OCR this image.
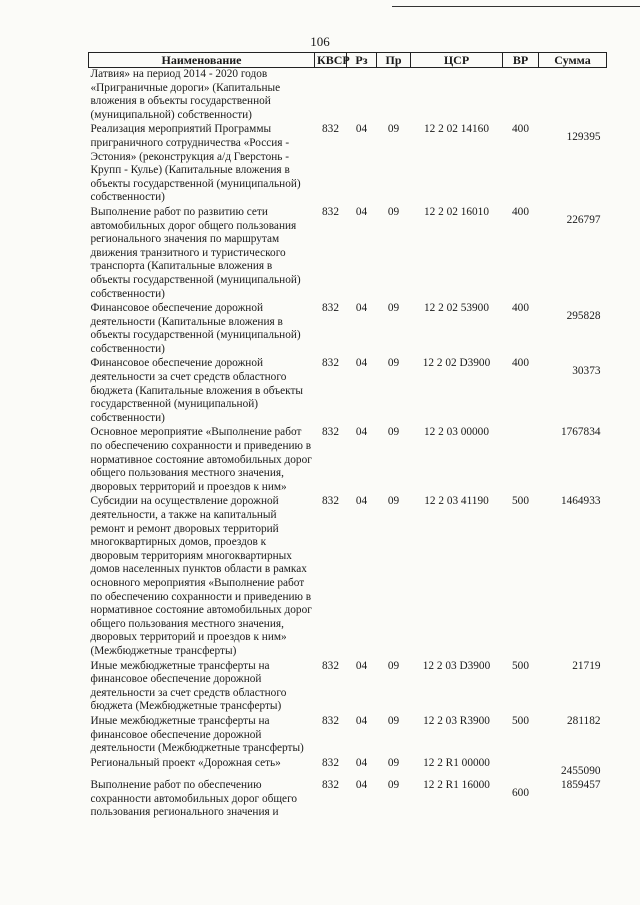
106
Наименование	КВСР	Рз	Пр	ЦСР	ВР	Сумма
Латвия» на период 2014 - 2020 годов «Приграничные дороги» (Капитальные вложения в объекты государственной (муниципальной) собственности)						
Реализация мероприятий Программы приграничного сотрудничества «Россия - Эстония» (реконструкция а/д Гверстонь - Крупп - Кулье) (Капитальные вложения в объекты государственной (муниципальной) собственности)	832	04	09	12 2 02 14160	400	129395
Выполнение работ по развитию сети автомобильных дорог общего пользования регионального значения по маршрутам движения транзитного и туристического транспорта (Капитальные вложения в объекты государственной (муниципальной) собственности)	832	04	09	12 2 02 16010	400	226797
Финансовое обеспечение дорожной деятельности (Капитальные вложения в объекты государственной (муниципальной) собственности)	832	04	09	12 2 02 53900	400	295828
Финансовое обеспечение дорожной деятельности за счет средств областного бюджета (Капитальные вложения в объекты государственной (муниципальной) собственности)	832	04	09	12 2 02 D3900	400	30373
Основное мероприятие «Выполнение работ по обеспечению сохранности и приведению в нормативное состояние автомобильных дорог общего пользования местного значения, дворовых территорий и проездов к ним»	832	04	09	12 2 03 00000		1767834
Субсидии на осуществление дорожной деятельности, а также на капитальный ремонт и ремонт дворовых территорий многоквартирных домов, проездов к дворовым территориям многоквартирных домов населенных пунктов области в рамках основного мероприятия «Выполнение работ по обеспечению сохранности и приведению в нормативное состояние автомобильных дорог общего пользования местного значения, дворовых территорий и проездов к ним» (Межбюджетные трансферты)	832	04	09	12 2 03 41190	500	1464933
Иные межбюджетные трансферты на финансовое обеспечение дорожной деятельности за счет средств областного бюджета (Межбюджетные трансферты)	832	04	09	12 2 03 D3900	500	21719
Иные межбюджетные трансферты на финансовое обеспечение дорожной деятельности (Межбюджетные трансферты)	832	04	09	12 2 03 R3900	500	281182
Региональный проект «Дорожная сеть»	832	04	09	12 2 R1 00000		2455090
Выполнение работ по обеспечению сохранности автомобильных дорог общего пользования регионального значения и	832	04	09	12 2 R1 16000	600	1859457
